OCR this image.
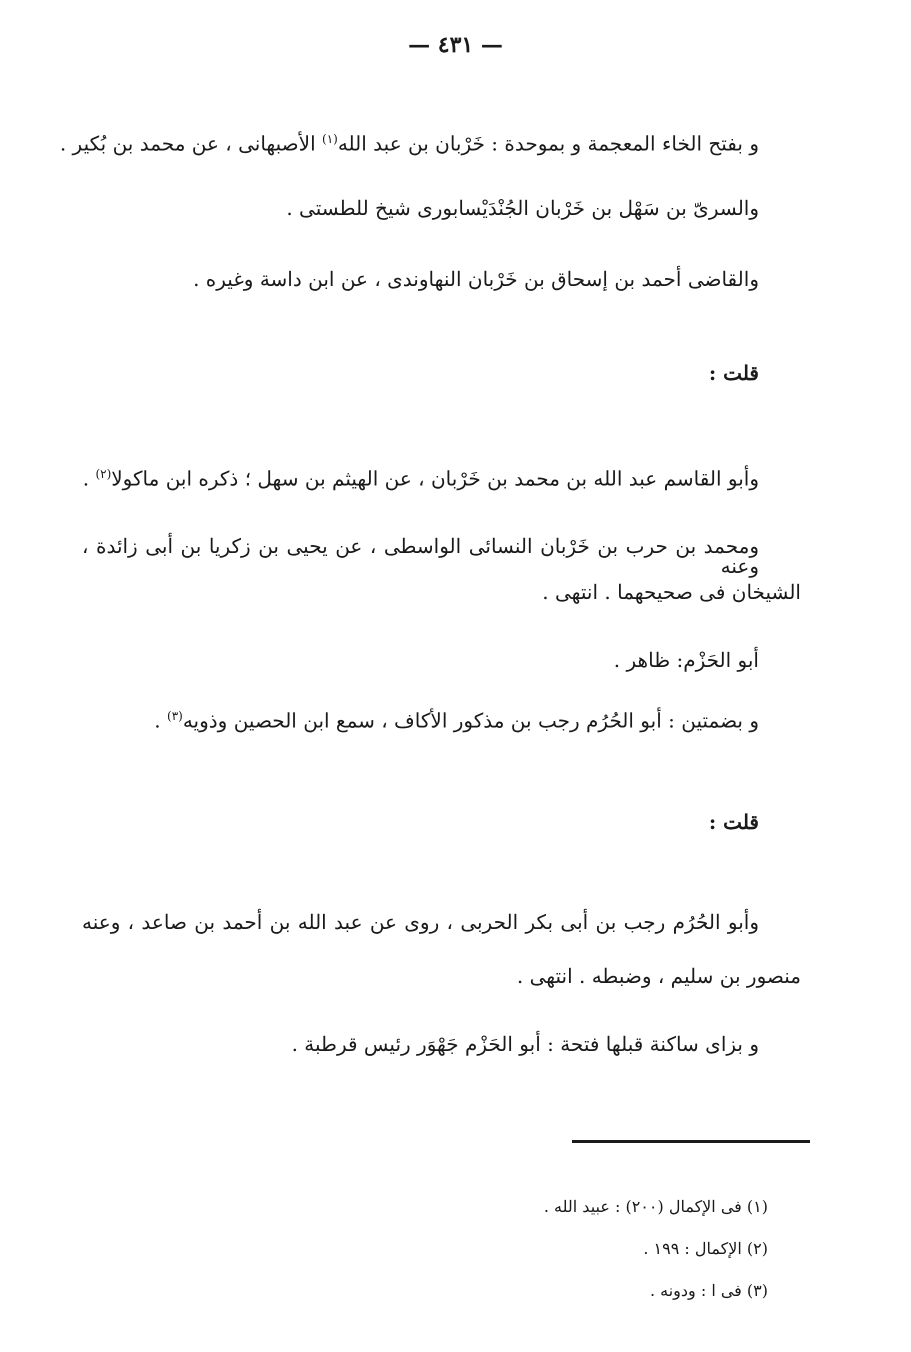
— ٤٣١ —
و بفتح الخاء المعجمة و بموحدة : خَرْبان بن عبد الله$^{(١)}$ الأصبهانى ، عن محمد بن بُكير .
والسرىّ بن سَهْل بن خَرْبان الجُنْدَيْسابورى شيخ للطستى .
والقاضى أحمد بن إسحاق بن خَرْبان النهاوندى ، عن ابن داسة وغيره .
قلت :
وأبو القاسم عبد الله بن محمد بن خَرْبان ، عن الهيثم بن سهل ؛ ذكره ابن ماكولا$^{(٢)}$ .
ومحمد بن حرب بن خَرْبان النسائى الواسطى ، عن يحيى بن زكريا بن أبى زائدة ، وعنه
الشيخان فى صحيحهما . انتهى .
أبو الحَزْم: ظاهر .
و بضمتين : أبو الحُرُم رجب بن مذكور الأكاف ، سمع ابن الحصين وذويه$^{(٣)}$ .
قلت :
وأبو الحُرُم رجب بن أبى بكر الحربى ، روى عن عبد الله بن أحمد بن صاعد ، وعنه
منصور بن سليم ، وضبطه . انتهى .
و بزاى ساكنة قبلها فتحة : أبو الحَزْم جَهْوَر رئيس قرطبة .
(١) فى الإكمال (٢٠٠) : عبيد الله .
(٢) الإكمال : ١٩٩ .
(٣) فى ا : ودونه .
